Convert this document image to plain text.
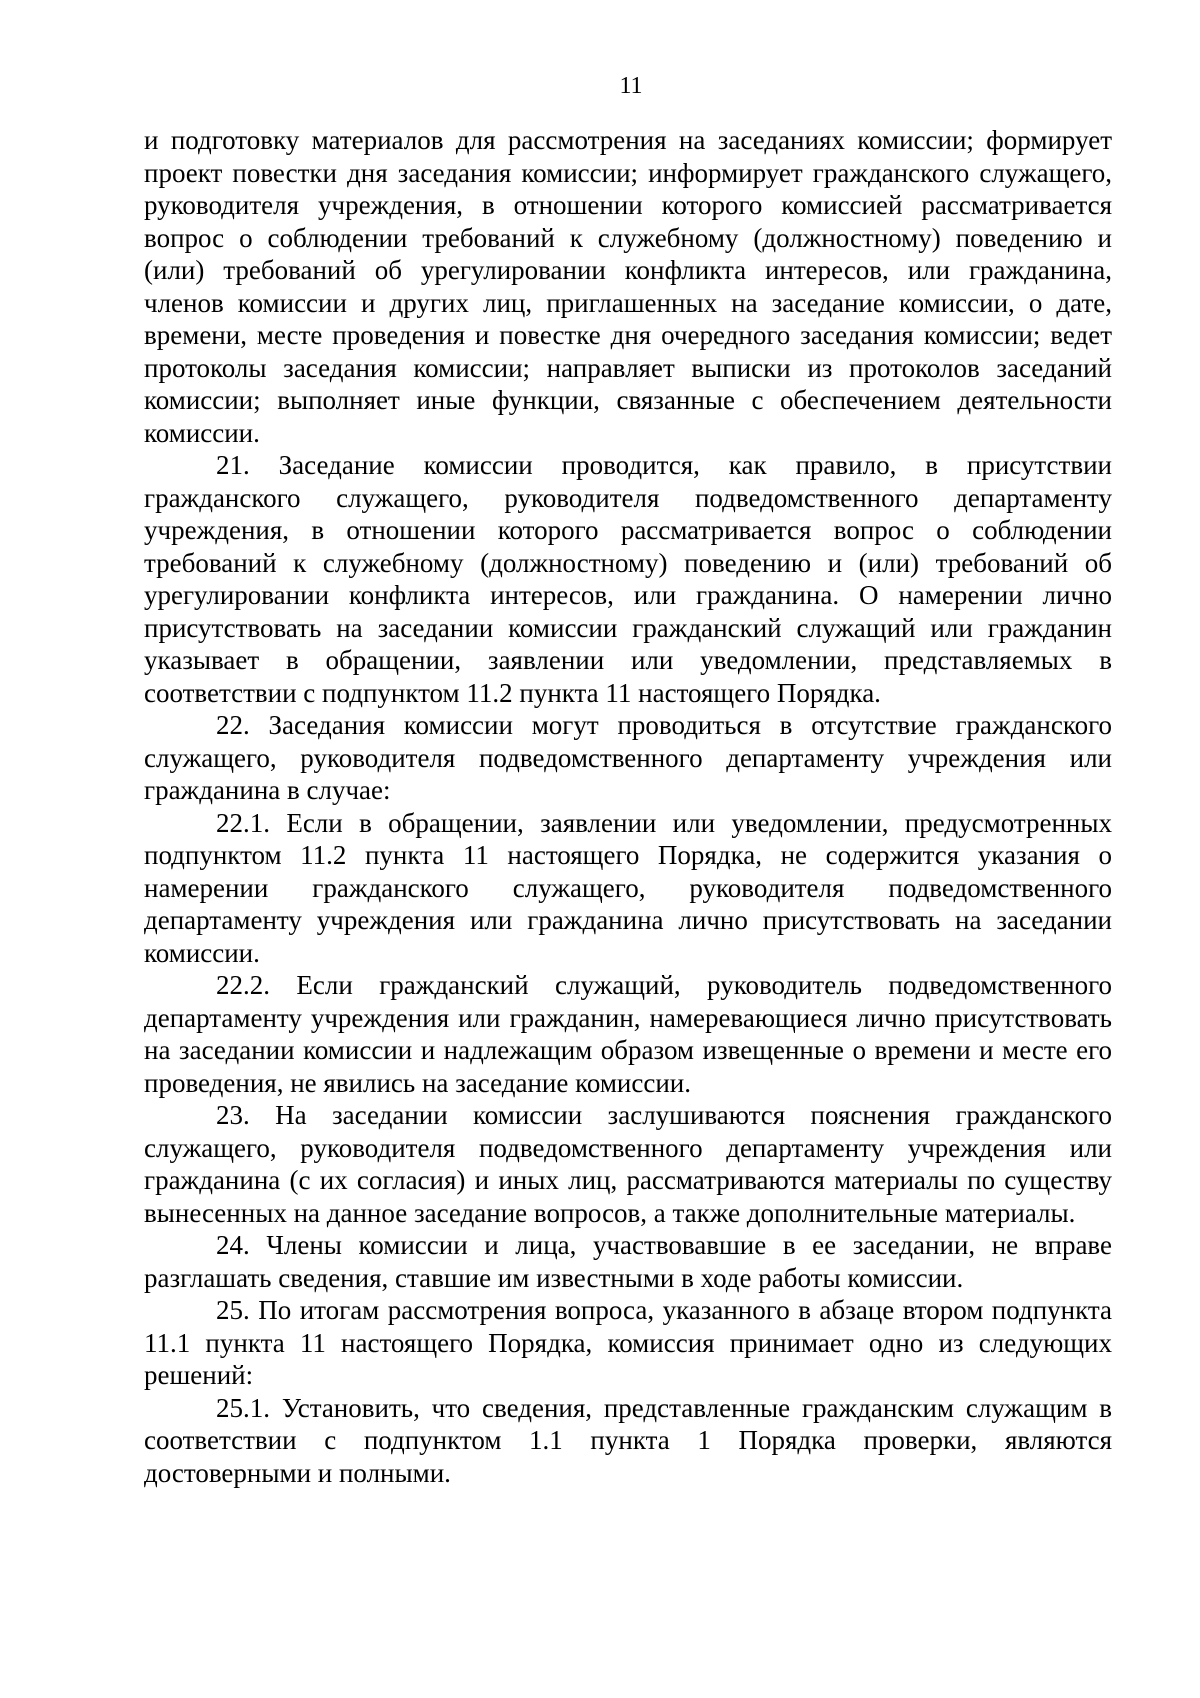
11

и подготовку материалов для рассмотрения на заседаниях комиссии; формирует проект повестки дня заседания комиссии; информирует гражданского служащего, руководителя учреждения, в отношении которого комиссией рассматривается вопрос о соблюдении требований к служебному (должностному) поведению и (или) требований об урегулировании конфликта интересов, или гражданина, членов комиссии и других лиц, приглашенных на заседание комиссии, о дате, времени, месте проведения и повестке дня очередного заседания комиссии; ведет протоколы заседания комиссии; направляет выписки из протоколов заседаний комиссии; выполняет иные функции, связанные с обеспечением деятельности комиссии.

21. Заседание комиссии проводится, как правило, в присутствии гражданского служащего, руководителя подведомственного департаменту учреждения, в отношении которого рассматривается вопрос о соблюдении требований к служебному (должностному) поведению и (или) требований об урегулировании конфликта интересов, или гражданина. О намерении лично присутствовать на заседании комиссии гражданский служащий или гражданин указывает в обращении, заявлении или уведомлении, представляемых в соответствии с подпунктом 11.2 пункта 11 настоящего Порядка.

22. Заседания комиссии могут проводиться в отсутствие гражданского служащего, руководителя подведомственного департаменту учреждения или гражданина в случае:

22.1. Если в обращении, заявлении или уведомлении, предусмотренных подпунктом 11.2 пункта 11 настоящего Порядка, не содержится указания о намерении гражданского служащего, руководителя подведомственного департаменту учреждения или гражданина лично присутствовать на заседании комиссии.

22.2. Если гражданский служащий, руководитель подведомственного департаменту учреждения или гражданин, намеревающиеся лично присутствовать на заседании комиссии и надлежащим образом извещенные о времени и месте его проведения, не явились на заседание комиссии.

23. На заседании комиссии заслушиваются пояснения гражданского служащего, руководителя подведомственного департаменту учреждения или гражданина (с их согласия) и иных лиц, рассматриваются материалы по существу вынесенных на данное заседание вопросов, а также дополнительные материалы.

24. Члены комиссии и лица, участвовавшие в ее заседании, не вправе разглашать сведения, ставшие им известными в ходе работы комиссии.

25. По итогам рассмотрения вопроса, указанного в абзаце втором подпункта 11.1 пункта 11 настоящего Порядка, комиссия принимает одно из следующих решений:

25.1. Установить, что сведения, представленные гражданским служащим в соответствии с подпунктом 1.1 пункта 1 Порядка проверки, являются достоверными и полными.
